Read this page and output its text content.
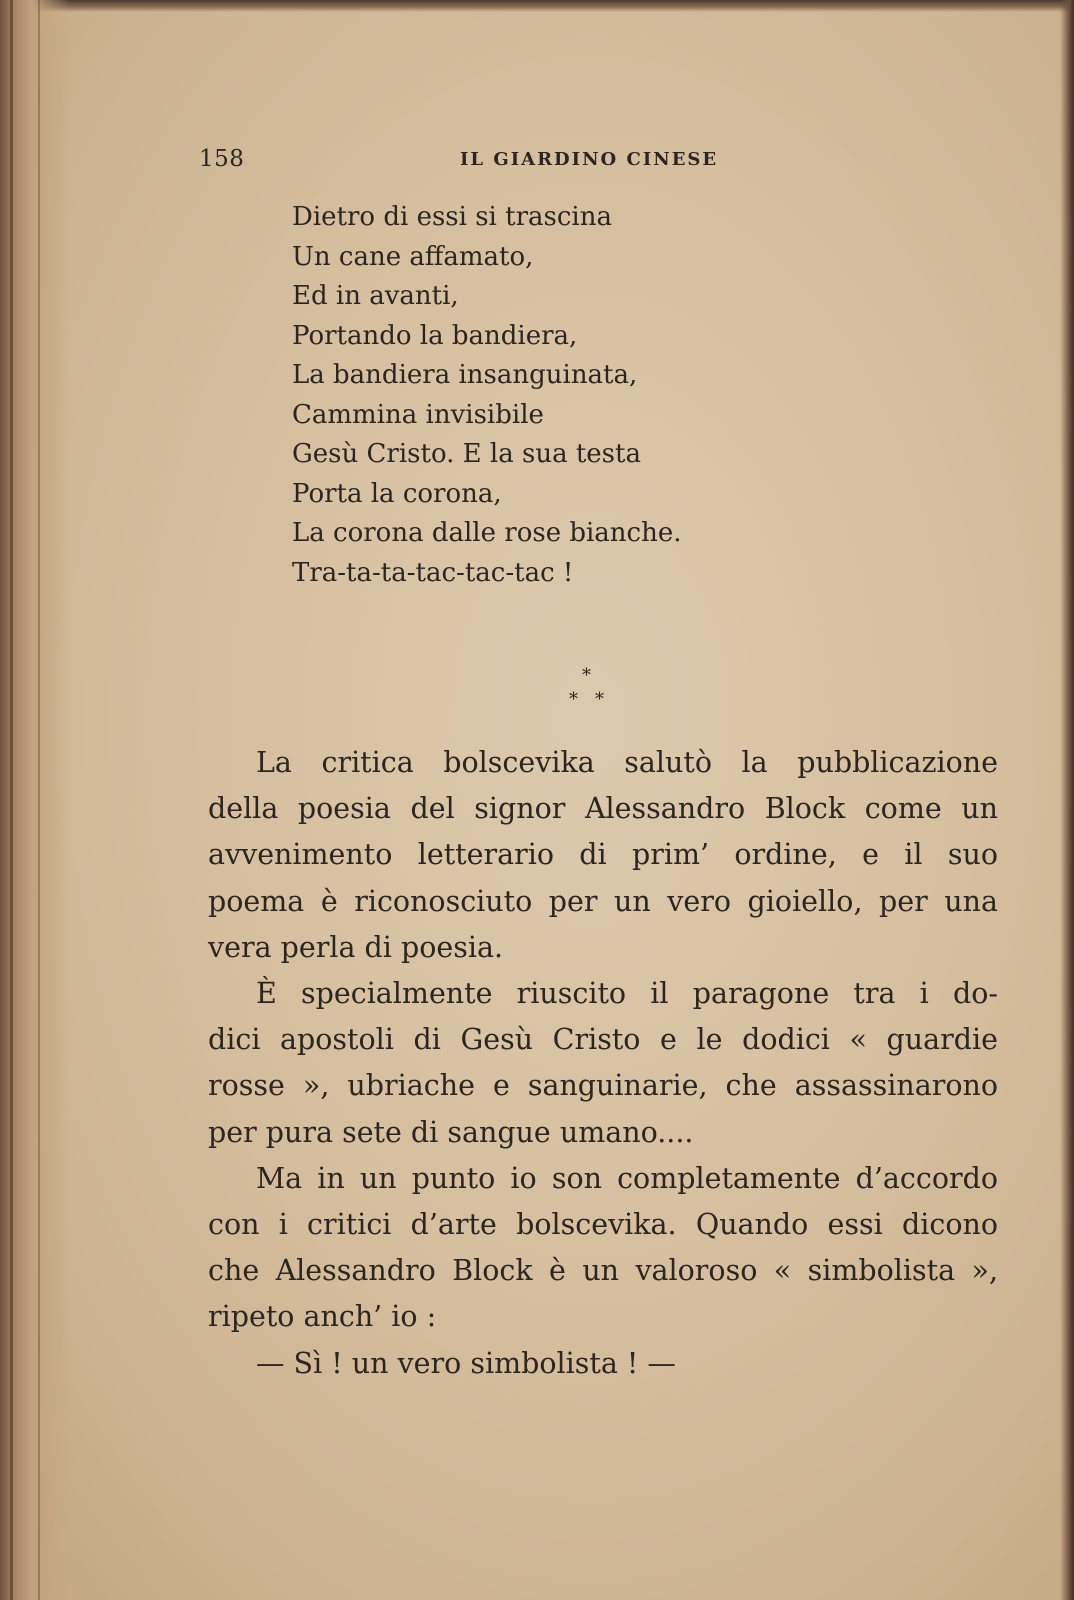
158	IL GIARDINO CINESE
Dietro di essi si trascina
Un cane affamato,
Ed in avanti,
Portando la bandiera,
La bandiera insanguinata,
Cammina invisibile
Gesù Cristo. E la sua testa
Porta la corona,
La corona dalle rose bianche.
Tra-ta-ta-tac-tac-tac !
*
* *
La critica bolscevika salutò la pubblicazione
della poesia del signor Alessandro Block come un
avvenimento letterario di prim’ ordine, e il suo
poema è riconosciuto per un vero gioiello, per una
vera perla di poesia.
È specialmente riuscito il paragone tra i do-
dici apostoli di Gesù Cristo e le dodici « guardie
rosse », ubriache e sanguinarie, che assassinarono
per pura sete di sangue umano....
Ma in un punto io son completamente d’accordo
con i critici d’arte bolscevika. Quando essi dicono
che Alessandro Block è un valoroso « simbolista »,
ripeto anch’ io :
— Sì ! un vero simbolista ! —
